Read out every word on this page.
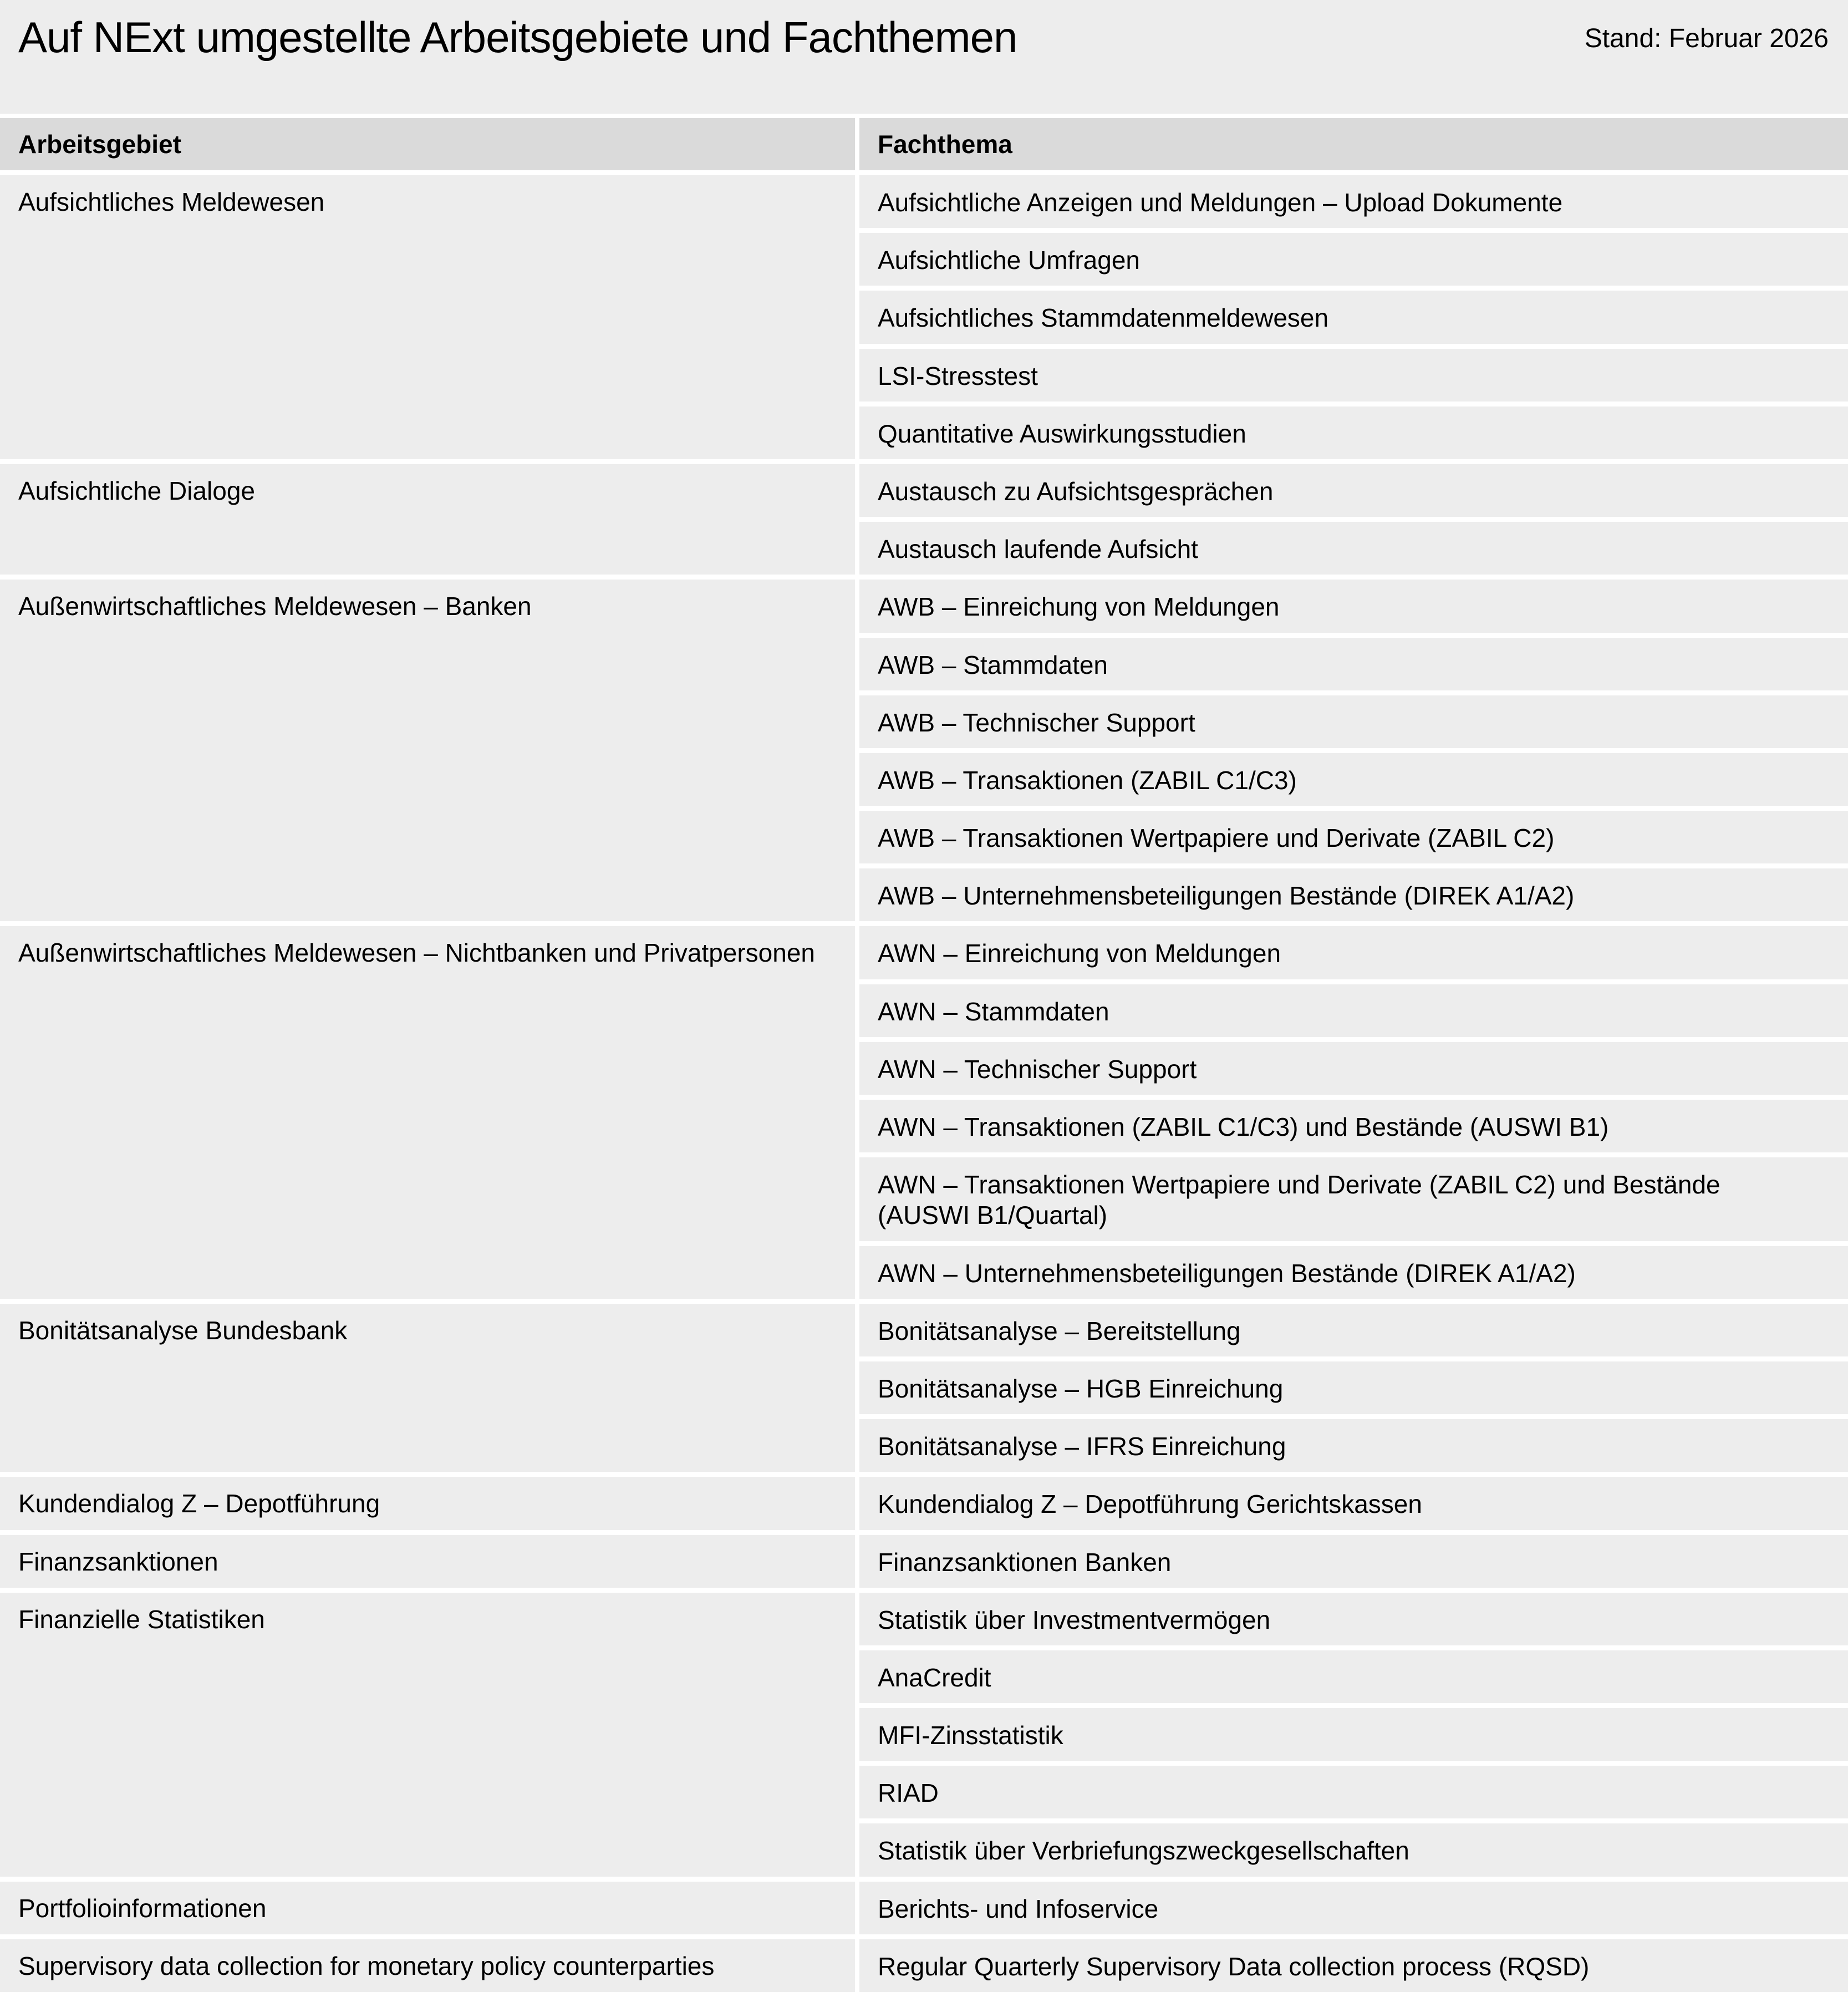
Auf NExt umgestellte Arbeitsgebiete und Fachthemen	Stand: Februar 2026
Arbeitsgebiet	Fachthema
Aufsichtliches Meldewesen	Aufsichtliche Anzeigen und Meldungen – Upload Dokumente
Aufsichtliche Umfragen
Aufsichtliches Stammdatenmeldewesen
LSI-Stresstest
Quantitative Auswirkungsstudien
Aufsichtliche Dialoge	Austausch zu Aufsichtsgesprächen
Austausch laufende Aufsicht
Außenwirtschaftliches Meldewesen – Banken	AWB – Einreichung von Meldungen
AWB – Stammdaten
AWB – Technischer Support
AWB – Transaktionen (ZABIL C1/C3)
AWB – Transaktionen Wertpapiere und Derivate (ZABIL C2)
AWB – Unternehmensbeteiligungen Bestände (DIREK A1/A2)
Außenwirtschaftliches Meldewesen – Nichtbanken und Privatpersonen	AWN – Einreichung von Meldungen
AWN – Stammdaten
AWN – Technischer Support
AWN – Transaktionen (ZABIL C1/C3) und Bestände (AUSWI B1)
AWN – Transaktionen Wertpapiere und Derivate (ZABIL C2) und Bestände (AUSWI B1/Quartal)
AWN – Unternehmensbeteiligungen Bestände (DIREK A1/A2)
Bonitätsanalyse Bundesbank	Bonitätsanalyse – Bereitstellung
Bonitätsanalyse – HGB Einreichung
Bonitätsanalyse – IFRS Einreichung
Kundendialog Z – Depotführung	Kundendialog Z – Depotführung Gerichtskassen
Finanzsanktionen	Finanzsanktionen Banken
Finanzielle Statistiken	Statistik über Investmentvermögen
AnaCredit
MFI-Zinsstatistik
RIAD
Statistik über Verbriefungszweckgesellschaften
Portfolioinformationen	Berichts- und Infoservice
Supervisory data collection for monetary policy counterparties	Regular Quarterly Supervisory Data collection process (RQSD)
